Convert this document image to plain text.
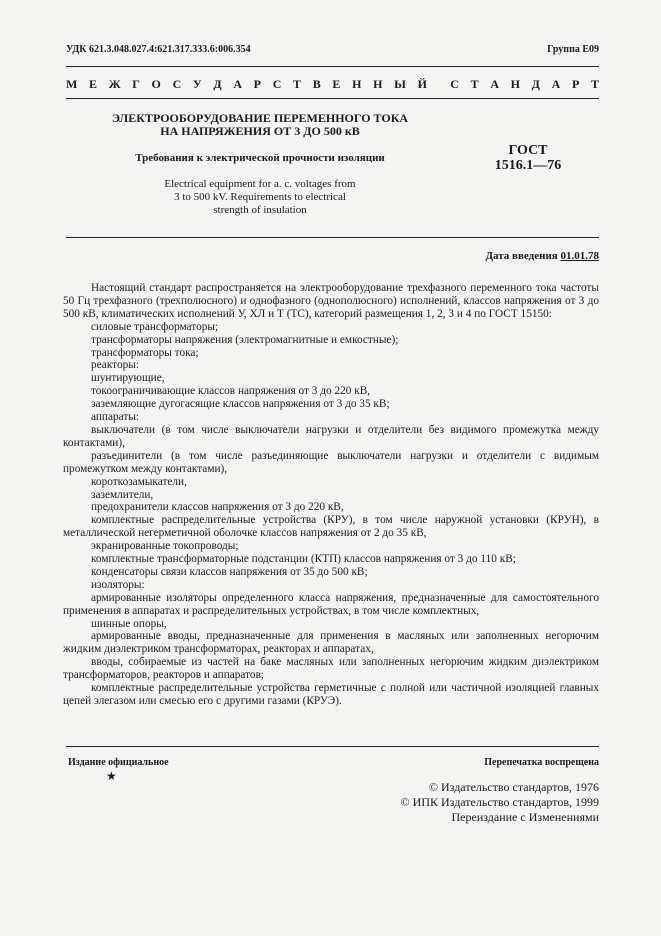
УДК 621.3.048.027.4:621.317.333.6:006.354	Группа Е09
М Е Ж Г О С У Д А Р С Т В Е Н Н Ы Й С Т А Н Д А Р Т
ЭЛЕКТРООБОРУДОВАНИЕ ПЕРЕМЕННОГО ТОКА
НА НАПРЯЖЕНИЯ ОТ 3 ДО 500 кВ
Требования к электрической прочности изоляции
Electrical equipment for a. c. voltages from
3 to 500 kV. Requirements to electrical
strength of insulation
ГОСТ
1516.1—76
Дата введения 01.01.78

Настоящий стандарт распространяется на электрооборудование трехфазного переменного тока частоты 50 Гц трехфазного (трехполюсного) и однофазного (однополюсного) исполнений, классов напряжения от 3 до 500 кВ, климатических исполнений У, ХЛ и Т (ТС), категорий размещения 1, 2, 3 и 4 по ГОСТ 15150:

силовые трансформаторы;

трансформаторы напряжения (электромагнитные и емкостные);

трансформаторы тока;

реакторы:

шунтирующие,

токоограничивающие классов напряжения от 3 до 220 кВ,

заземляющие дугогасящие классов напряжения от 3 до 35 кВ;

аппараты:

выключатели (в том числе выключатели нагрузки и отделители без видимого промежутка между контактами),

разъединители (в том числе разъединяющие выключатели нагрузки и отделители с видимым промежутком между контактами),

короткозамыкатели,

заземлители,

предохранители классов напряжения от 3 до 220 кВ,

комплектные распределительные устройства (КРУ), в том числе наружной установки (КРУН), в металлической негерметичной оболочке классов напряжения от 2 до 35 кВ,

экранированные токопроводы;

комплектные трансформаторные подстанции (КТП) классов напряжения от 3 до 110 кВ;

конденсаторы связи классов напряжения от 35 до 500 кВ;

изоляторы:

армированные изоляторы определенного класса напряжения, предназначенные для самостоятельного применения в аппаратах и распределительных устройствах, в том числе комплектных,

шинные опоры,

армированные вводы, предназначенные для применения в масляных или заполненных негорючим жидким диэлектриком трансформаторах, реакторах и аппаратах,

вводы, собираемые из частей на баке масляных или заполненных негорючим жидким диэлектриком трансформаторов, реакторов и аппаратов;

комплектные распределительные устройства герметичные с полной или частичной изоляцией главных цепей элегазом или смесью его с другими газами (КРУЭ).

Издание официальное
★
Перепечатка воспрещена
© Издательство стандартов, 1976
© ИПК Издательство стандартов, 1999
Переиздание с Изменениями
